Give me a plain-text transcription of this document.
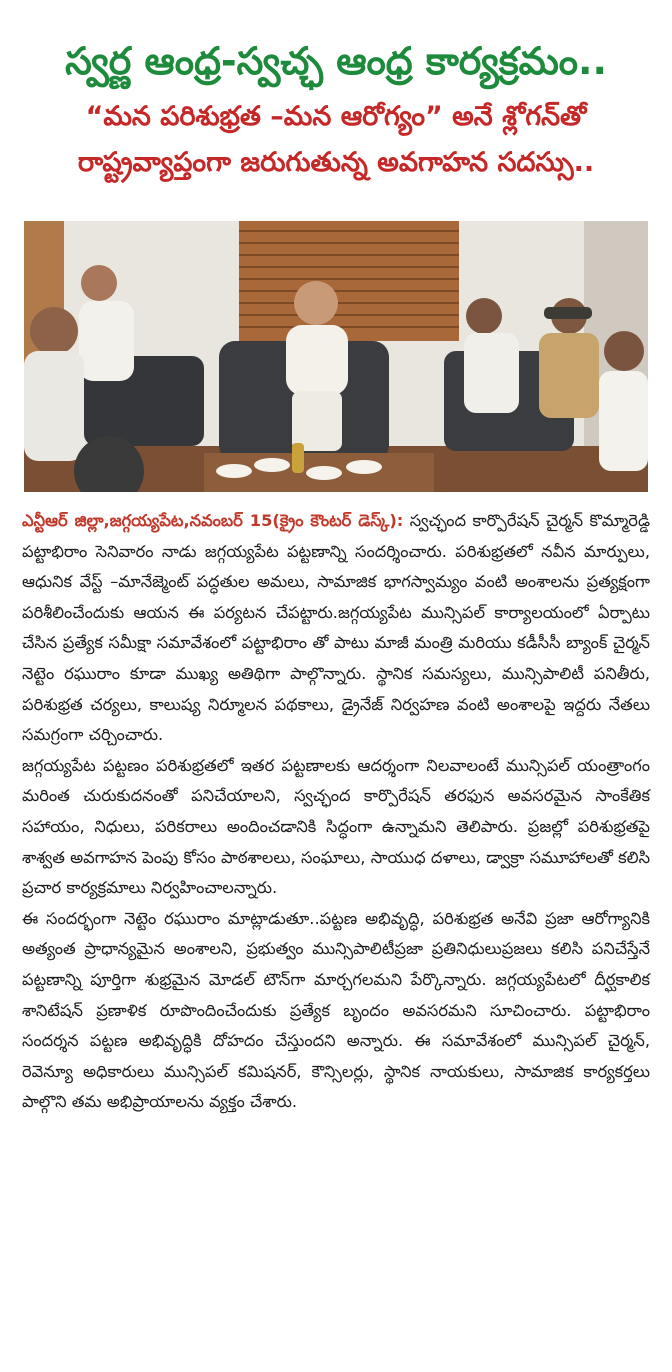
స్వర్ణ ఆంధ్ర-స్వచ్ఛ ఆంధ్ర కార్యక్రమం..
“మన పరిశుభ్రత –మన ఆరోగ్యం” అనే శ్లోగన్‌తో రాష్ట్రవ్యాప్తంగా జరుగుతున్న అవగాహన సదస్సు..

ఎన్టీఆర్ జిల్లా,జగ్గయ్యపేట,నవంబర్ 15(క్రైం కౌంటర్ డెస్క్): స్వచ్ఛంద కార్పొరేషన్ చైర్మన్ కొమ్మారెడ్డి పట్టాభిరాం సెనివారం నాడు జగ్గయ్యపేట పట్టణాన్ని సందర్శించారు. పరిశుభ్రతలో నవీన మార్పులు, ఆధునిక వేస్ట్ –మానేజ్మెంట్ పద్ధతుల అమలు, సామాజిక భాగస్వామ్యం వంటి అంశాలను ప్రత్యక్షంగా పరిశీలించేందుకు ఆయన ఈ పర్యటన చేపట్టారు.జగ్గయ్యపేట మున్సిపల్ కార్యాలయంలో ఏర్పాటు చేసిన ప్రత్యేక సమీక్షా సమావేశంలో పట్టాభిరాం తో పాటు మాజీ మంత్రి మరియు కడీసీసీ బ్యాంక్ చైర్మన్ నెట్టెం రఘురాం కూడా ముఖ్య అతిథిగా పాల్గొన్నారు. స్థానిక సమస్యలు, మున్సిపాలిటీ పనితీరు, పరిశుభ్రత చర్యలు, కాలుష్య నిర్మూలన పథకాలు, డ్రైనేజ్ నిర్వహణ వంటి అంశాలపై ఇద్దరు నేతలు సమగ్రంగా చర్చించారు.

జగ్గయ్యపేట పట్టణం పరిశుభ్రతలో ఇతర పట్టణాలకు ఆదర్శంగా నిలవాలంటే మున్సిపల్ యంత్రాంగం మరింత చురుకుదనంతో పనిచేయాలని, స్వచ్ఛంద కార్పొరేషన్ తరఫున అవసరమైన సాంకేతిక సహాయం, నిధులు, పరికరాలు అందించడానికి సిద్ధంగా ఉన్నామని తెలిపారు. ప్రజల్లో పరిశుభ్రతపై శాశ్వత అవగాహన పెంపు కోసం పాఠశాలలు, సంఘాలు, సాయుధ దళాలు, డ్వాక్రా సమూహాలతో కలిసి ప్రచార కార్యక్రమాలు నిర్వహించాలన్నారు.

ఈ సందర్భంగా నెట్టెం రఘురాం మాట్లాడుతూ..పట్టణ అభివృద్ధి, పరిశుభ్రత అనేవి ప్రజా ఆరోగ్యానికి అత్యంత ప్రాధాన్యమైన అంశాలని, ప్రభుత్వం మున్సిపాలిటీప్రజా ప్రతినిధులుప్రజలు కలిసి పనిచేస్తేనే పట్టణాన్ని పూర్తిగా శుభ్రమైన మోడల్ టౌన్‌గా మార్చగలమని పేర్కొన్నారు. జగ్గయ్యపేటలో దీర్ఘకాలిక శానిటేషన్ ప్రణాళిక రూపొందించేందుకు ప్రత్యేక బృందం అవసరమని సూచించారు. పట్టాభిరాం సందర్శన పట్టణ అభివృద్ధికి దోహదం చేస్తుందని అన్నారు. ఈ సమావేశంలో మున్సిపల్ చైర్మన్, రెవెన్యూ అధికారులు మున్సిపల్ కమిషనర్, కౌన్సిలర్లు, స్థానిక నాయకులు, సామాజిక కార్యకర్తలు పాల్గొని తమ అభిప్రాయాలను వ్యక్తం చేశారు.
